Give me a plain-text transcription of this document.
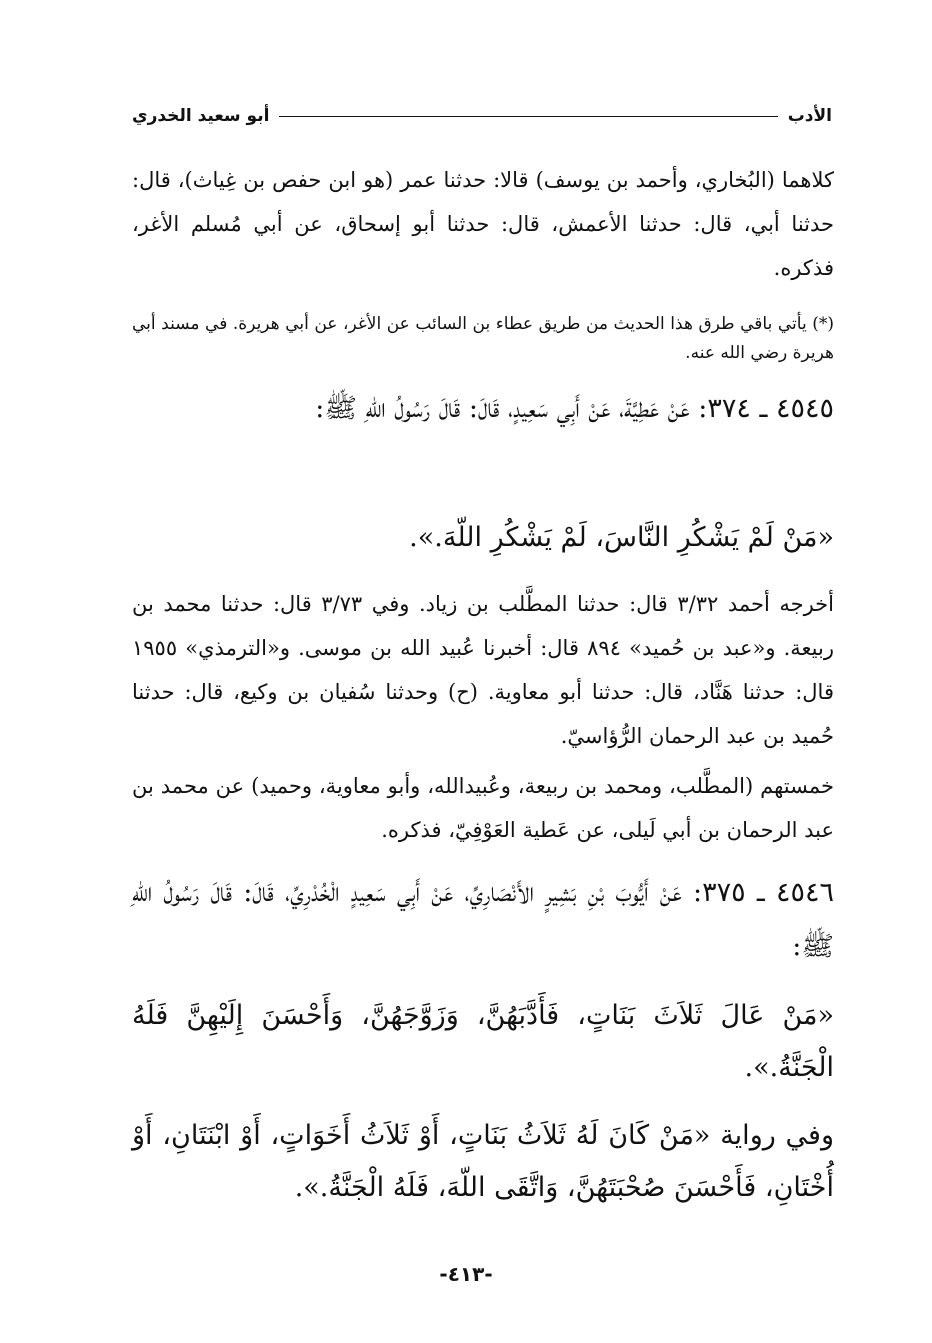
الأدب
أبو سعيد الخدري
كلاهما (البُخاري، وأحمد بن يوسف) قالا: حدثنا عمر (هو ابن حفص بن غِياث)، قال: حدثنا أبي، قال: حدثنا الأعمش، قال: حدثنا أبو إسحاق، عن أبي مُسلم الأغر، فذكره.
(*) يأتي باقي طرق هذا الحديث من طريق عطاء بن السائب عن الأغر، عن أبي هريرة. في مسند أبي هريرة رضي الله عنه.
٤٥٤٥ ـ ٣٧٤: عَنْ عَطِيَّةَ، عَنْ أَبِي سَعِيدٍ، قَالَ: قَالَ رَسُولُ اللّهِ ﷺ:
«مَنْ لَمْ يَشْكُرِ النَّاسَ، لَمْ يَشْكُرِ اللّهَ.».
أخرجه أحمد ٣/٣٢ قال: حدثنا المطَّلب بن زياد. وفي ٣/٧٣ قال: حدثنا محمد بن ربيعة. و«عبد بن حُميد» ٨٩٤ قال: أخبرنا عُبيد الله بن موسى. و«الترمذي» ١٩٥٥ قال: حدثنا هَنَّاد، قال: حدثنا أبو معاوية. (ح) وحدثنا سُفيان بن وكيع، قال: حدثنا حُميد بن عبد الرحمان الرُّؤاسيّ.
خمستهم (المطَّلب، ومحمد بن ربيعة، وعُبيدالله، وأبو معاوية، وحميد) عن محمد بن عبد الرحمان بن أبي لَيلى، عن عَطية العَوْفِيّ، فذكره.
٤٥٤٦ ـ ٣٧٥: عَنْ أَيُّوبَ بْنِ بَشِيرٍ الأَنْصَارِيِّ، عَنْ أَبِي سَعِيدٍ الْخُدْرِيِّ، قَالَ: قَالَ رَسُولُ اللّهِ ﷺ:
«مَنْ عَالَ ثَلاَثَ بَنَاتٍ، فَأَدَّبَهُنَّ، وَزَوَّجَهُنَّ، وَأَحْسَنَ إِلَيْهِنَّ فَلَهُ الْجَنَّةُ.».
وفي رواية «مَنْ كَانَ لَهُ ثَلاَثُ بَنَاتٍ، أَوْ ثَلاَثُ أَخَوَاتٍ، أَوْ ابْنَتَانِ، أَوْ أُخْتَانِ، فَأَحْسَنَ صُحْبَتَهُنَّ، وَاتَّقَى اللّهَ، فَلَهُ الْجَنَّةُ.».
-٤١٣-
